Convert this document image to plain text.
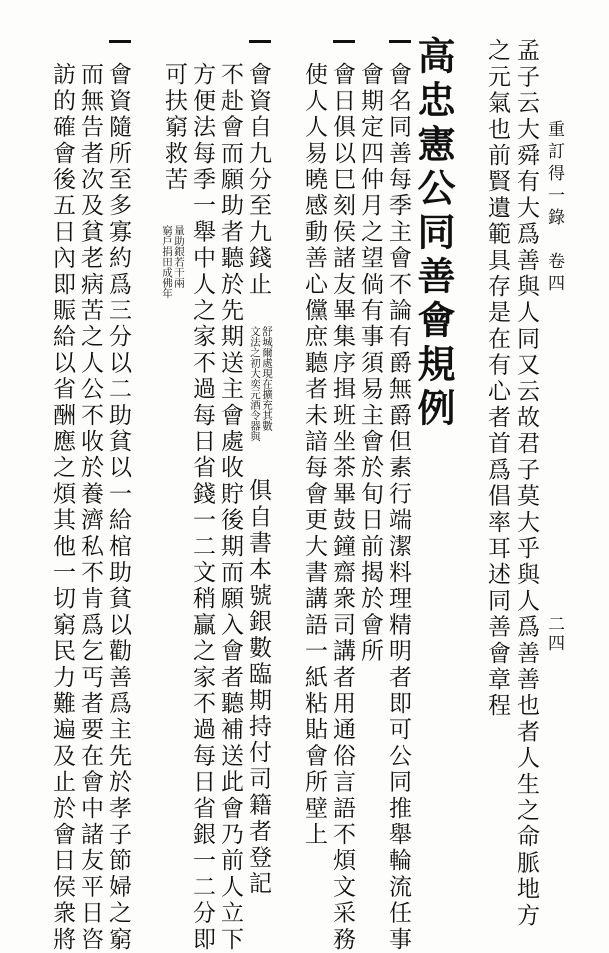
重訂得一錄卷四
二四
孟子云大舜有大爲善與人同又云故君子莫大乎與人爲善善也者人生之命脈地方
之元氣也前賢遺範具存是在有心者首爲倡率耳述同善會章程
高忠憲公同善會規例
會名同善每季主會不論有爵無爵但素行端潔料理精明者即可公同推舉輪流任事
會期定四仲月之望倘有事須易主會於旬日前揭於會所
會日俱以巳刻侯諸友畢集序揖班坐茶畢鼓鐘齋衆司講者用通俗言語不煩文采務
使人人易曉感動善心儻庶聽者未諳每會更大書講語一紙粘貼會所壁上
會資自九分至九錢止
文法之初大奕元酒令器與 舒城爾處現在擴充其數
俱自書本號銀數臨期持付司籍者登記
不赴會而願助者聽於先期送主會處收貯後期而願入會者聽補送此會乃前人立下
方便法每季一舉中人之家不過每日省錢一二文稍贏之家不過每日省銀一二分即
可扶窮救苦
窮戶捐田成佛年 量助銀若干兩
會資隨所至多寡約爲三分以二助貧以一給棺助貧以勸善爲主先於孝子節婦之窮
而無告者次及貧老病苦之人公不收於養濟私不肯爲乞丐者要在會中諸友平日咨
訪的確會後五日內即賑給以省酬應之煩其他一切窮民力難遍及止於會日侯衆將
